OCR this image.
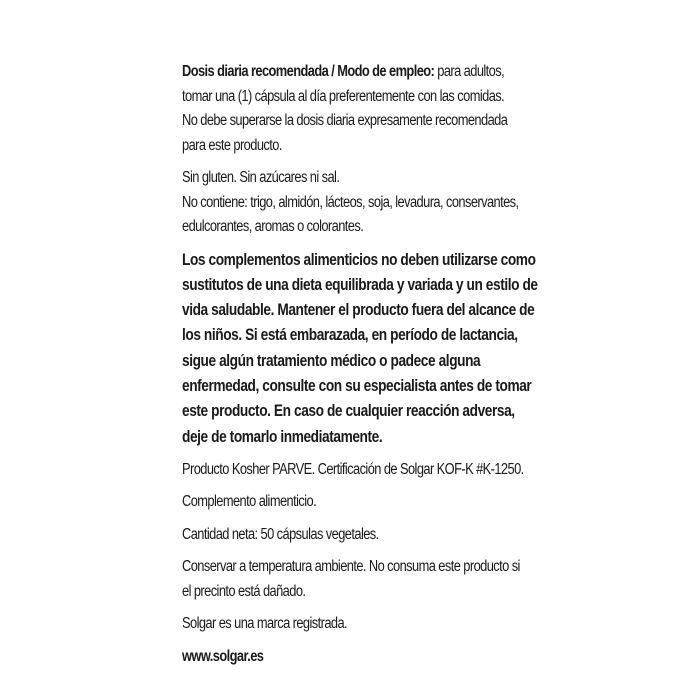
Dosis diaria recomendada / Modo de empleo: para adultos,
tomar una (1) cápsula al día preferentemente con las comidas.
No debe superarse la dosis diaria expresamente recomendada
para este producto.

Sin gluten. Sin azúcares ni sal.
No contiene: trigo, almidón, lácteos, soja, levadura, conservantes,
edulcorantes, aromas o colorantes.

Los complementos alimenticios no deben utilizarse como
sustitutos de una dieta equilibrada y variada y un estilo de
vida saludable. Mantener el producto fuera del alcance de
los niños. Si está embarazada, en período de lactancia,
sigue algún tratamiento médico o padece alguna
enfermedad, consulte con su especialista antes de tomar
este producto. En caso de cualquier reacción adversa,
deje de tomarlo inmediatamente.

Producto Kosher PARVE. Certificación de Solgar KOF-K #K-1250.

Complemento alimenticio.

Cantidad neta: 50 cápsulas vegetales.

Conservar a temperatura ambiente. No consuma este producto si
el precinto está dañado.

Solgar es una marca registrada.

www.solgar.es
